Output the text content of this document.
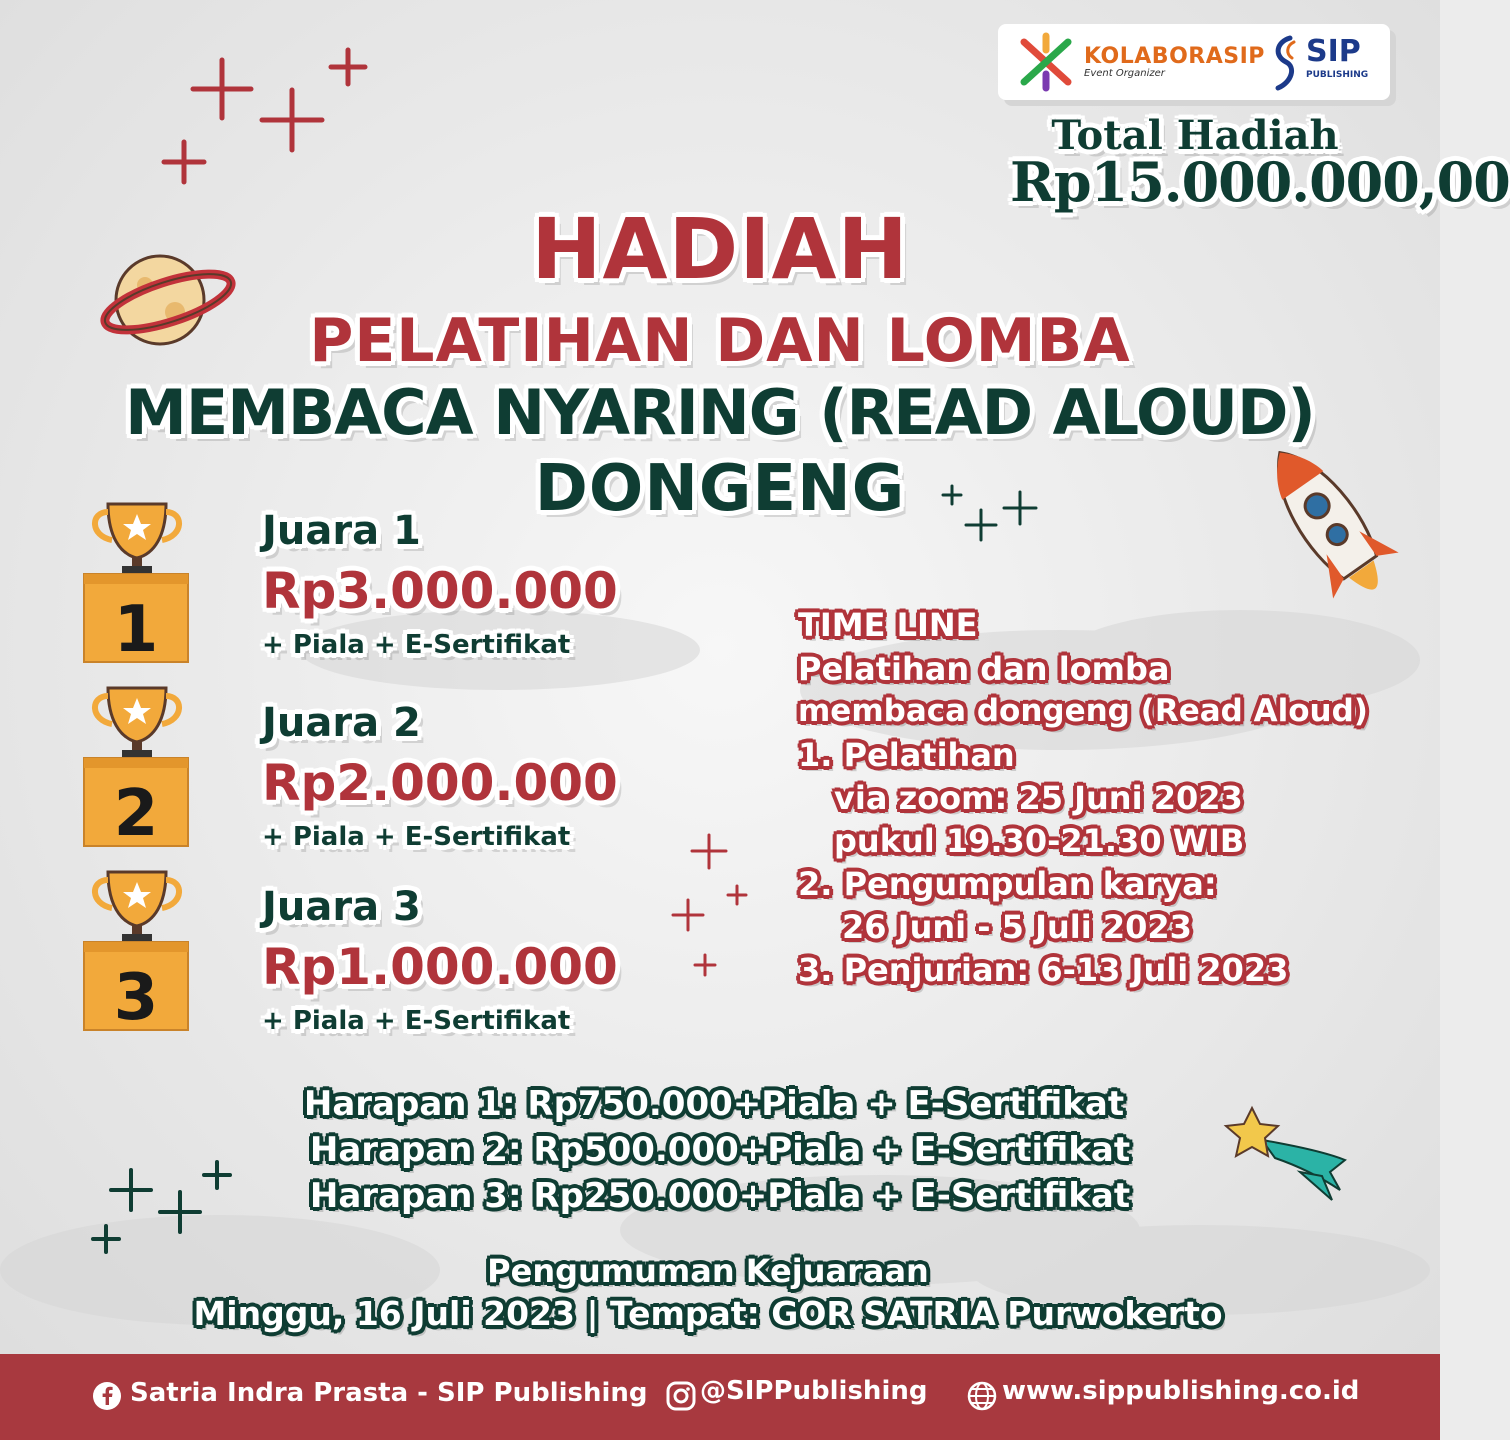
KOLABORASIP
Event Organizer
SIP
PUBLISHING
Total Hadiah
Rp15.000.000,00
HADIAH
PELATIHAN DAN LOMBA
MEMBACA NYARING (READ ALOUD)
DONGENG
1
2
3
Juara 1
Rp3.000.000
+ Piala + E-Sertifikat
Juara 2
Rp2.000.000
+ Piala + E-Sertifikat
Juara 3
Rp1.000.000
+ Piala + E-Sertifikat
TIME LINE
Pelatihan dan lomba
membaca dongeng (Read Aloud)
1. Pelatihan
via zoom: 25 Juni 2023
pukul 19.30-21.30 WIB
2. Pengumpulan karya:
26 Juni - 5 Juli 2023
3. Penjurian: 6-13 Juli 2023
Harapan 1: Rp750.000+Piala + E-Sertifikat
Harapan 2: Rp500.000+Piala + E-Sertifikat
Harapan 3: Rp250.000+Piala + E-Sertifikat
Pengumuman Kejuaraan
Minggu, 16 Juli 2023 | Tempat: GOR SATRIA Purwokerto
Satria Indra Prasta - SIP Publishing @SIPPublishing	www.sippublishing.co.id
